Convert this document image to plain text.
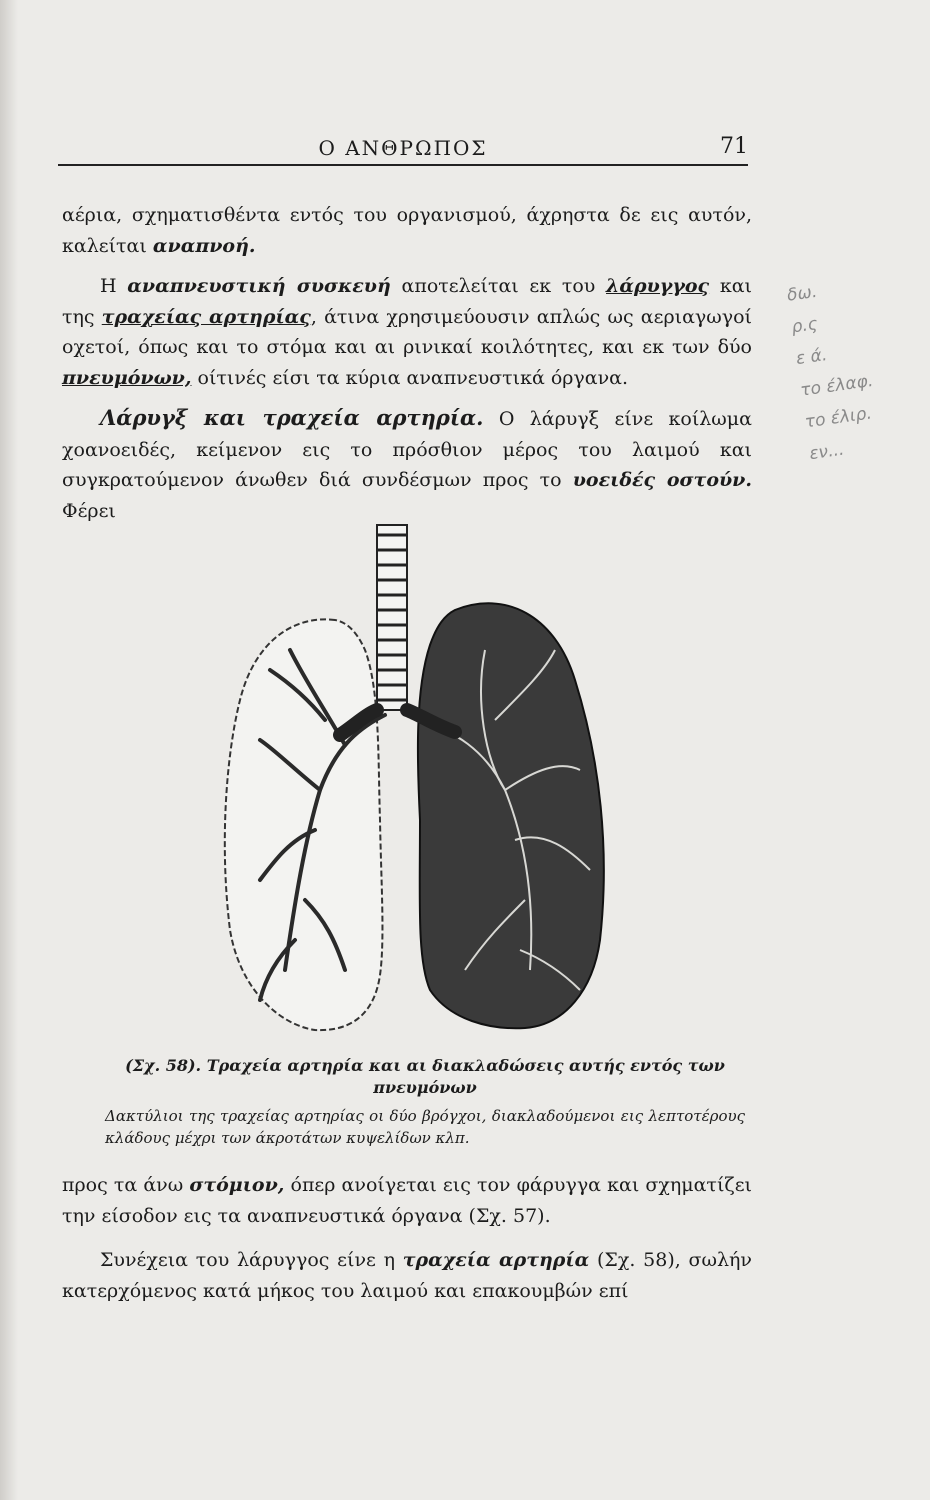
Ο ΑΝΘΡΩΠΟΣ	71

αέρια, σχηματισθέντα εντός του οργανισμού, άχρηστα δε εις αυτόν, καλείται αναπνοή.

Η αναπνευστική συσκευή αποτελείται εκ του λάρυγγος και της τραχείας αρτηρίας, άτινα χρησιμεύουσιν απλώς ως αεριαγωγοί οχετοί, όπως και το στόμα και αι ρινικαί κοιλότητες, και εκ των δύο πνευμόνων, οίτινές είσι τα κύρια αναπνευστικά όργανα.

Λάρυγξ και τραχεία αρτηρία. Ο λάρυγξ είνε κοίλωμα χοανοειδές, κείμενον εις το πρόσθιον μέρος του λαιμού και συγκρατούμενον άνωθεν διά συνδέσμων προς το υοειδές οστούν. Φέρει

(Σχ. 58). Τραχεία αρτηρία και αι διακλαδώσεις αυτής εντός των πνευμόνων
Δακτύλιοι της τραχείας αρτηρίας οι δύο βρόγχοι, διακλαδούμενοι εις λεπτοτέρους κλάδους μέχρι των άκροτάτων κυψελίδων κλπ.

προς τα άνω στόμιον, όπερ ανοίγεται εις τον φάρυγγα και σχηματίζει την είσοδον εις τα αναπνευστικά όργανα (Σχ. 57).

Συνέχεια του λάρυγγος είνε η τραχεία αρτηρία (Σχ. 58), σωλήν κατερχόμενος κατά μήκος του λαιμού και επακουμβών επί

δω.
ρ.ς
ε ά.
το έλαφ.
το έλιρ.
εν...
